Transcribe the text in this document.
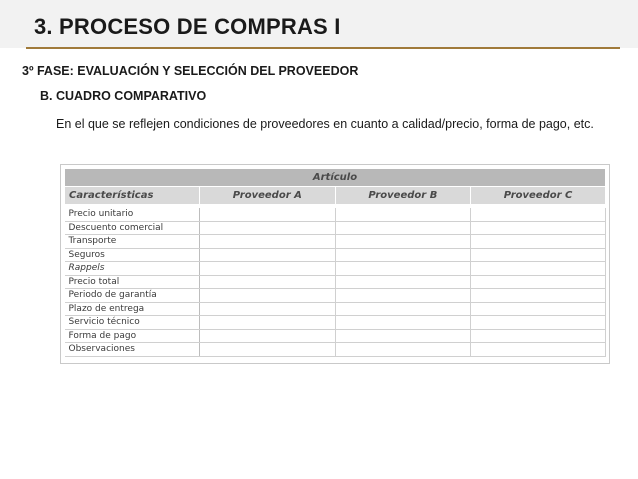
3. PROCESO DE COMPRAS I
3º FASE: EVALUACIÓN Y SELECCIÓN DEL PROVEEDOR
B. CUADRO COMPARATIVO
En el que se reflejen condiciones de proveedores en cuanto a calidad/precio, forma de pago, etc.
Artículo			
Características	Proveedor A	Proveedor B	Proveedor C

Precio unitario			
Descuento comercial			
Transporte			
Seguros			
Rappels			
Precio total			
Periodo de garantía			
Plazo de entrega			
Servicio técnico			
Forma de pago			
Observaciones			
